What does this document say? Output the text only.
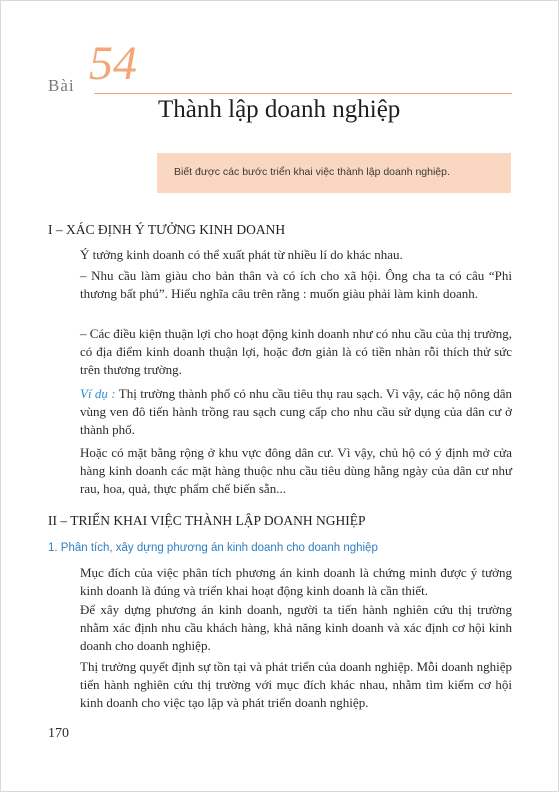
Bài 54
Thành lập doanh nghiệp
Biết được các bước triển khai việc thành lập doanh nghiệp.
I – XÁC ĐỊNH Ý TƯỞNG KINH DOANH
Ý tưởng kinh doanh có thể xuất phát từ nhiều lí do khác nhau.
– Nhu cầu làm giàu cho bản thân và có ích cho xã hội. Ông cha ta có câu “Phi thương bất phú”. Hiểu nghĩa câu trên rằng : muốn giàu phải làm kinh doanh.
– Các điều kiện thuận lợi cho hoạt động kinh doanh như có nhu cầu của thị trường, có địa điểm kinh doanh thuận lợi, hoặc đơn giản là có tiền nhàn rỗi thích thử sức trên thương trường.
Ví dụ : Thị trường thành phố có nhu cầu tiêu thụ rau sạch. Vì vậy, các hộ nông dân vùng ven đô tiến hành trồng rau sạch cung cấp cho nhu cầu sử dụng của dân cư ở thành phố.
Hoặc có mặt bằng rộng ở khu vực đông dân cư. Vì vậy, chủ hộ có ý định mở cửa hàng kinh doanh các mặt hàng thuộc nhu cầu tiêu dùng hằng ngày của dân cư như rau, hoa, quả, thực phẩm chế biến sẵn...
II – TRIỂN KHAI VIỆC THÀNH LẬP DOANH NGHIỆP
1. Phân tích, xây dựng phương án kinh doanh cho doanh nghiệp
Mục đích của việc phân tích phương án kinh doanh là chứng minh được ý tưởng kinh doanh là đúng và triển khai hoạt động kinh doanh là cần thiết.
Để xây dựng phương án kinh doanh, người ta tiến hành nghiên cứu thị trường nhằm xác định nhu cầu khách hàng, khả năng kinh doanh và xác định cơ hội kinh doanh cho doanh nghiệp.
Thị trường quyết định sự tồn tại và phát triển của doanh nghiệp. Mỗi doanh nghiệp tiến hành nghiên cứu thị trường với mục đích khác nhau, nhằm tìm kiếm cơ hội kinh doanh cho việc tạo lập và phát triển doanh nghiệp.
170
